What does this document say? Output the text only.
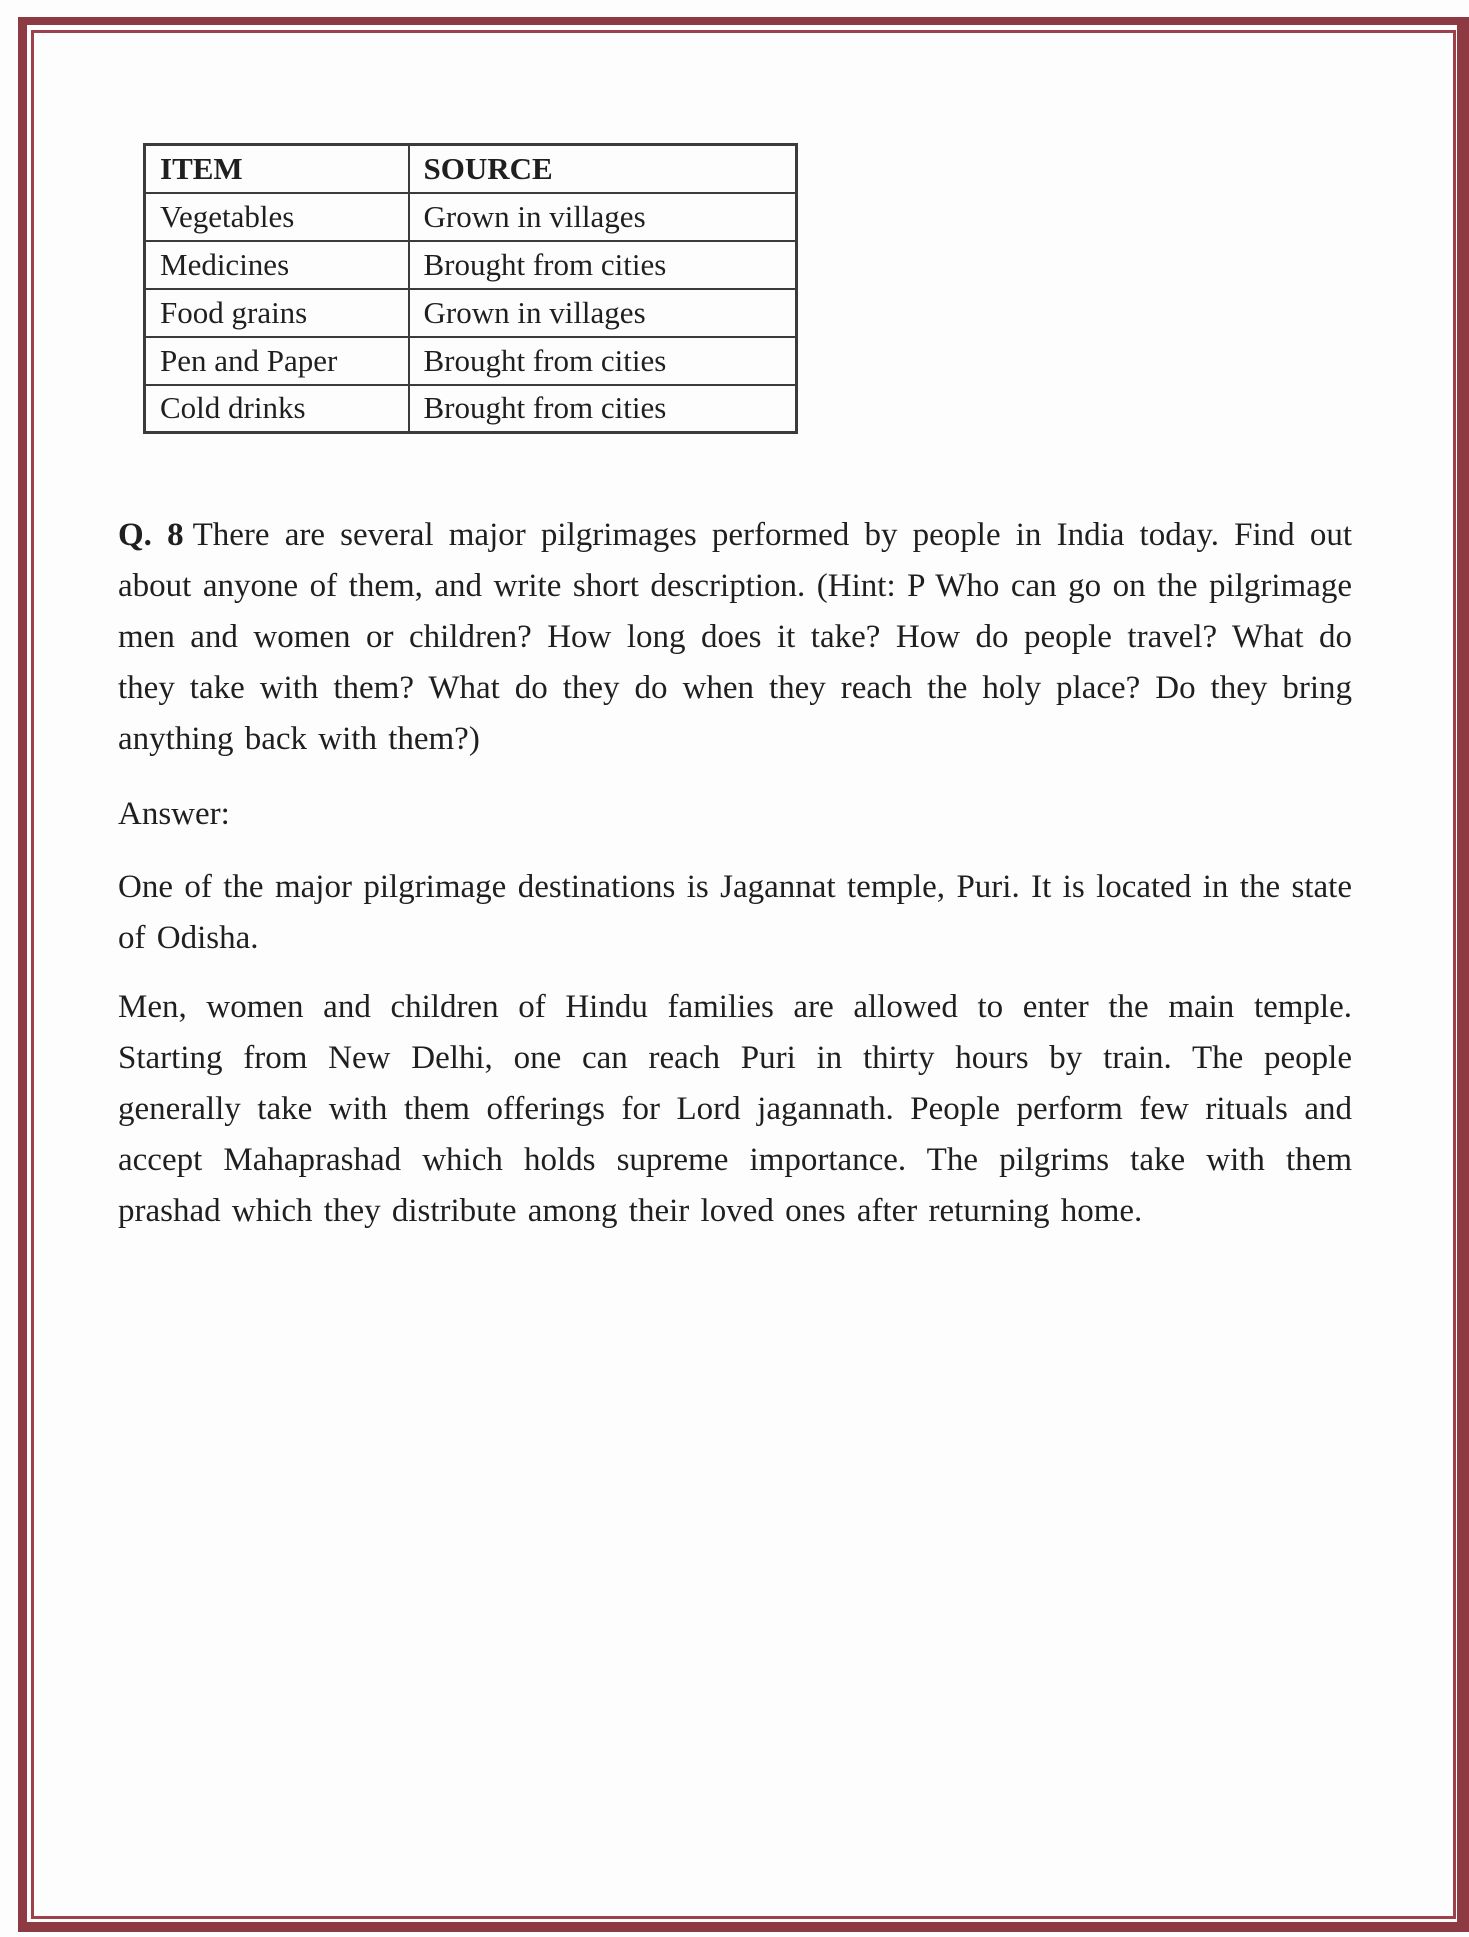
ITEM	SOURCE
Vegetables	Grown in villages
Medicines	Brought from cities
Food grains	Grown in villages
Pen and Paper	Brought from cities
Cold drinks	Brought from cities

Q. 8 There are several major pilgrimages performed by people in India today. Find out about anyone of them, and write short description. (Hint: P Who can go on the pilgrimage men and women or children? How long does it take? How do people travel? What do they take with them? What do they do when they reach the holy place? Do they bring anything back with them?)

Answer:

One of the major pilgrimage destinations is Jagannat temple, Puri. It is located in the state of Odisha.

Men, women and children of Hindu families are allowed to enter the main temple. Starting from New Delhi, one can reach Puri in thirty hours by train. The people generally take with them offerings for Lord jagannath. People perform few rituals and accept Mahaprashad which holds supreme importance. The pilgrims take with them prashad which they distribute among their loved ones after returning home.
